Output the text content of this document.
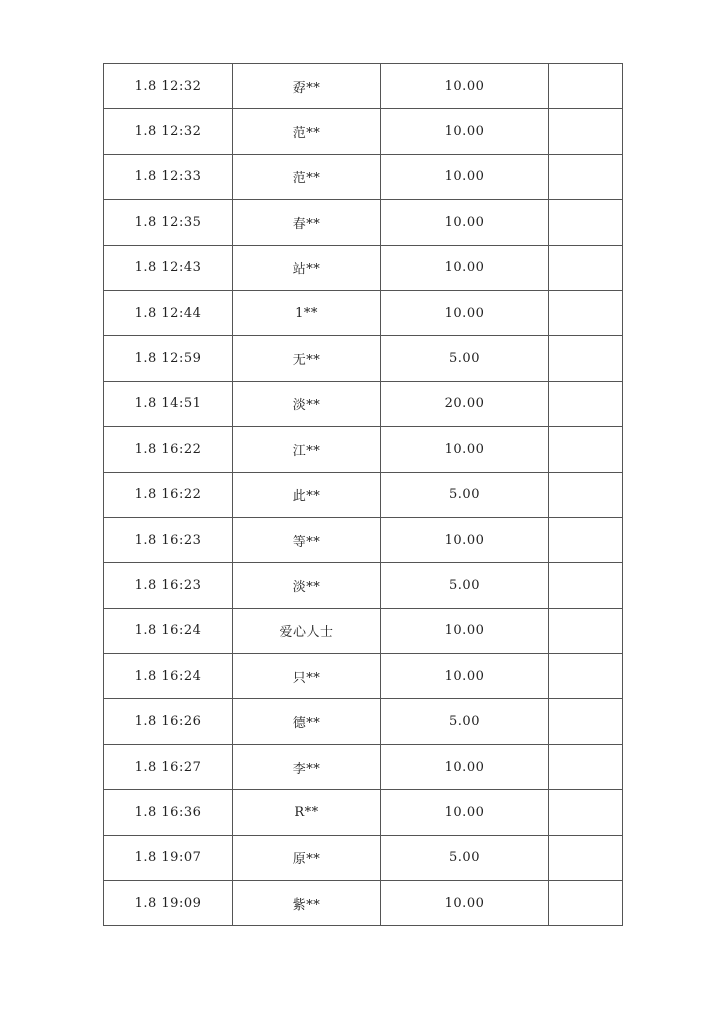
1.8 12:32	孬**	10.00	
1.8 12:32	范**	10.00	
1.8 12:33	范**	10.00	
1.8 12:35	春**	10.00	
1.8 12:43	站**	10.00	
1.8 12:44	1**	10.00	
1.8 12:59	无**	5.00	
1.8 14:51	淡**	20.00	
1.8 16:22	江**	10.00	
1.8 16:22	此**	5.00	
1.8 16:23	等**	10.00	
1.8 16:23	淡**	5.00	
1.8 16:24	爱心人士	10.00	
1.8 16:24	只**	10.00	
1.8 16:26	德**	5.00	
1.8 16:27	李**	10.00	
1.8 16:36	R**	10.00	
1.8 19:07	原**	5.00	
1.8 19:09	紫**	10.00	
